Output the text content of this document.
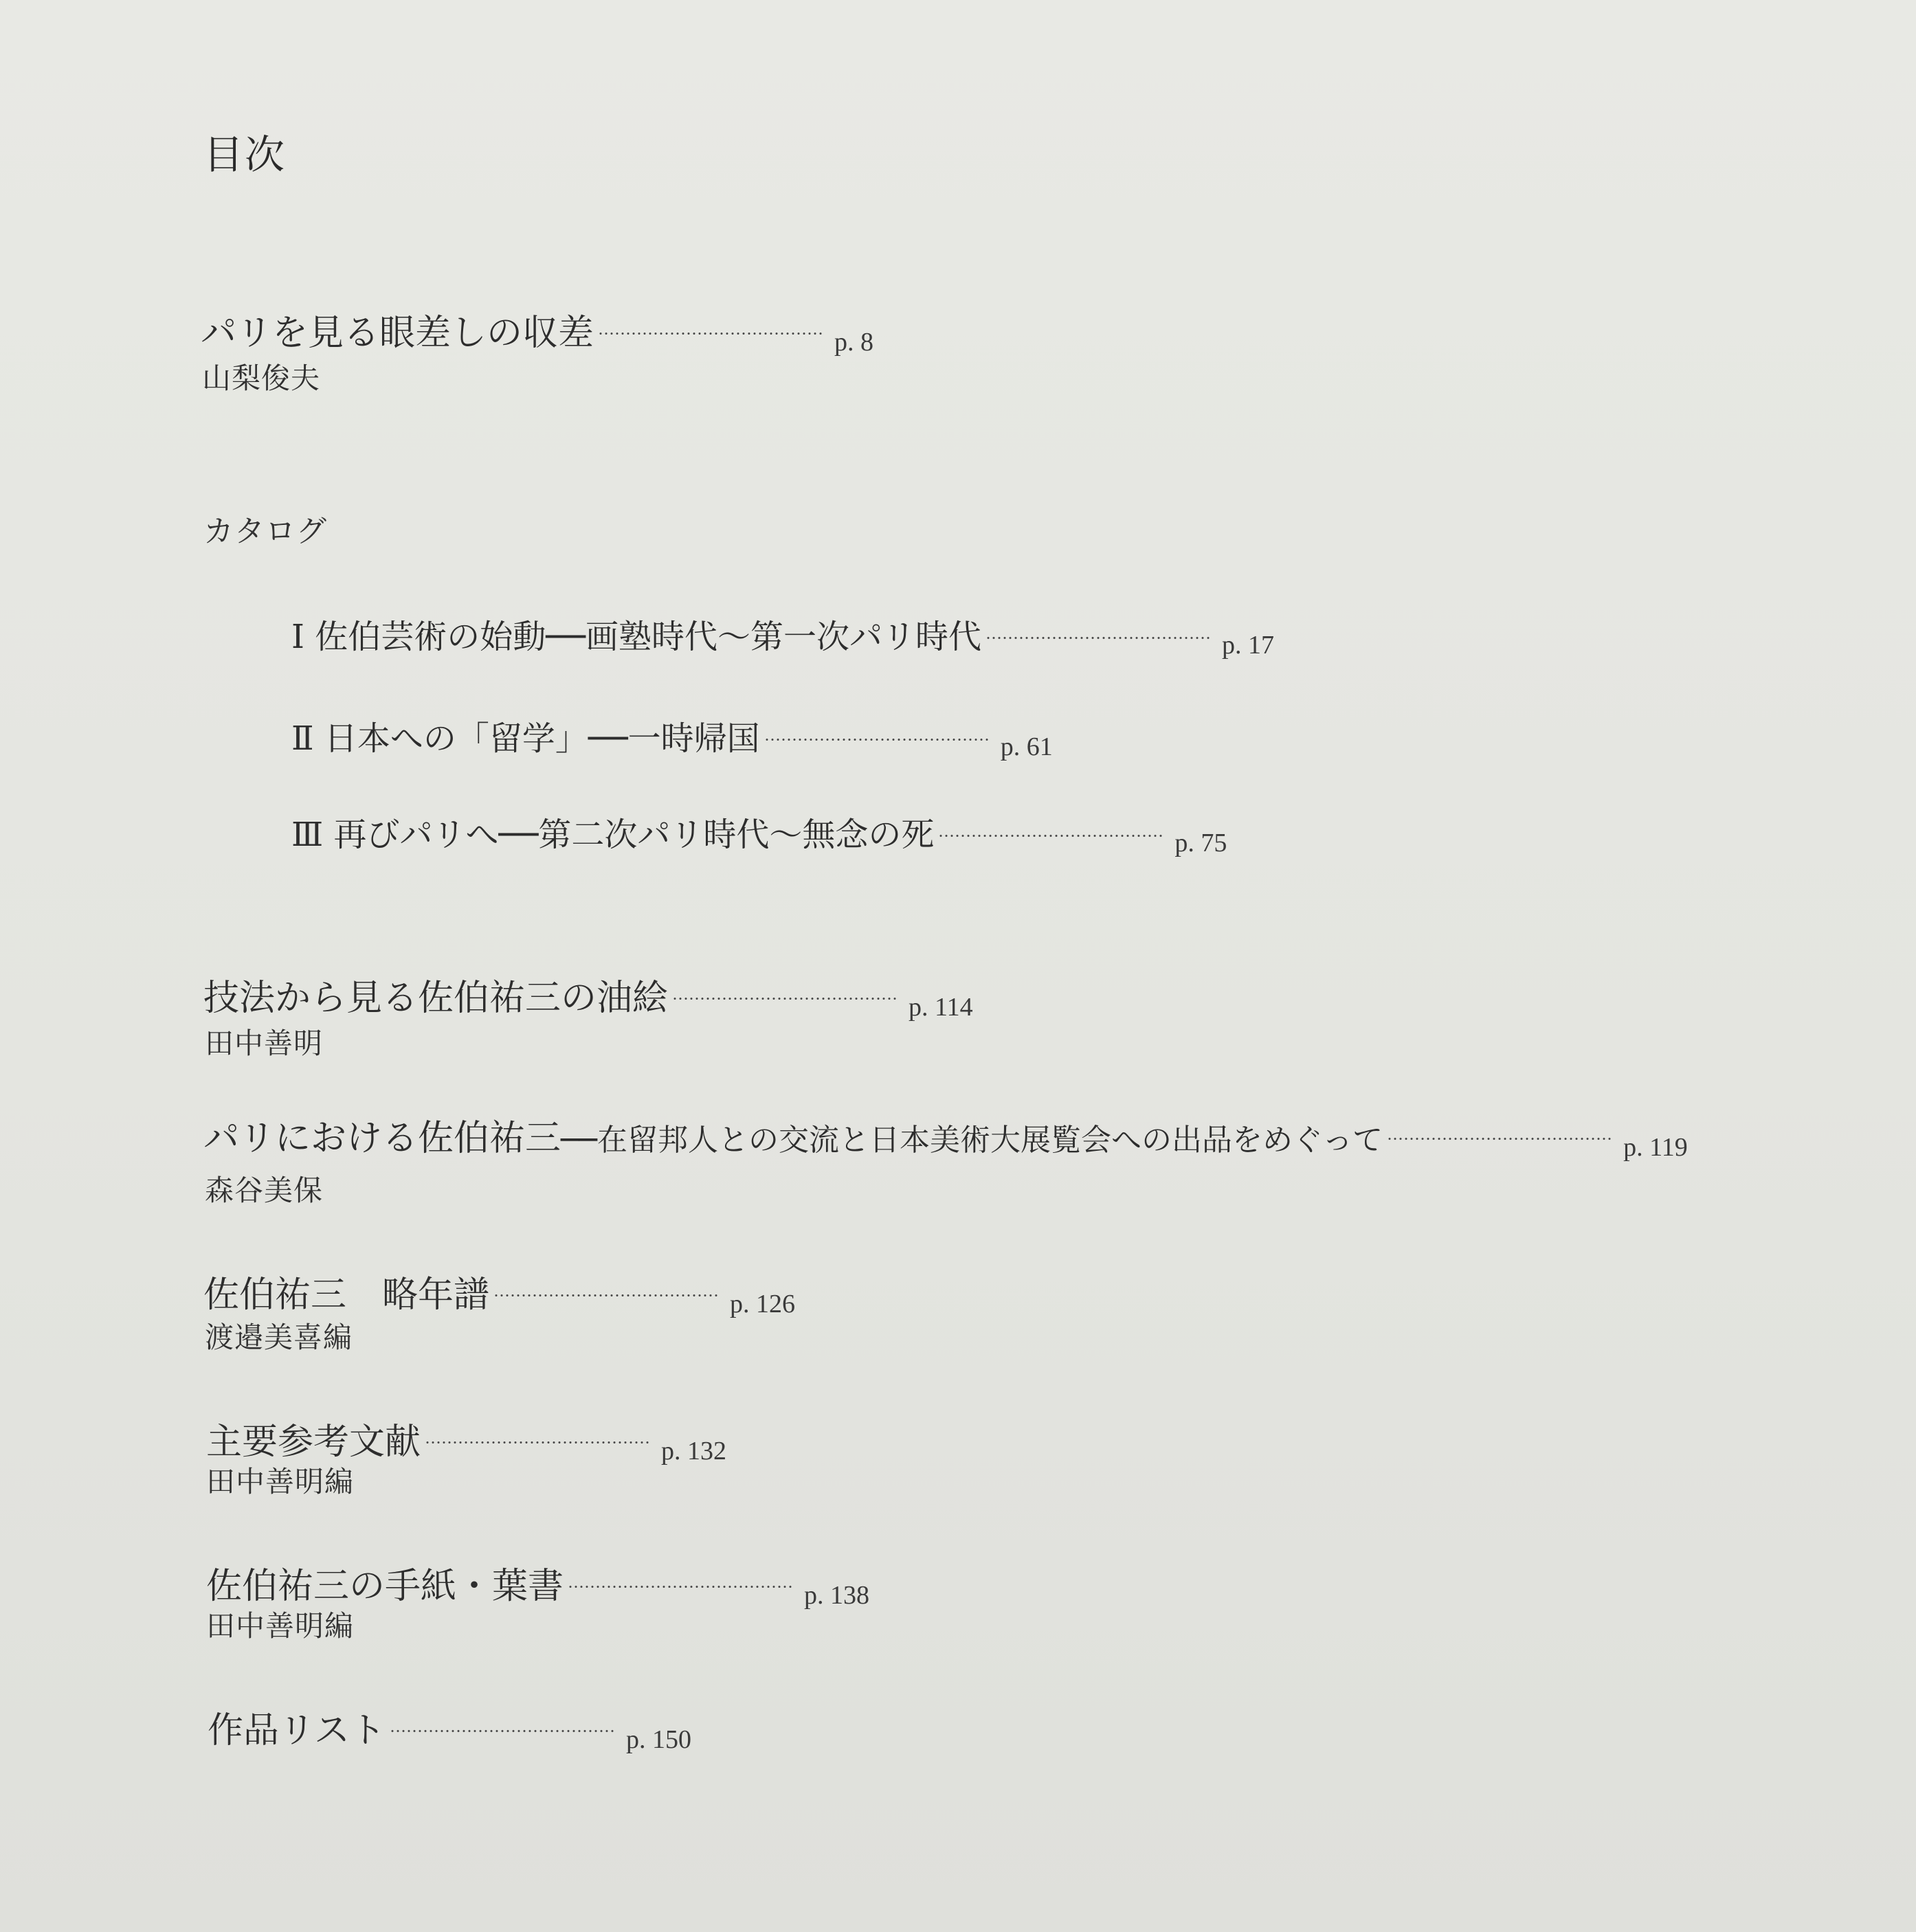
目次
パリを見る眼差しの収差	p. 8
山梨俊夫
カタログ
Ⅰ 佐伯芸術の始動──画塾時代～第一次パリ時代	p. 17
Ⅱ 日本への「留学」──一時帰国	p. 61
Ⅲ 再びパリへ──第二次パリ時代～無念の死	p. 75
技法から見る佐伯祐三の油絵	p. 114
田中善明
パリにおける佐伯祐三 ──在留邦人との交流と日本美術大展覧会への出品をめぐって	p. 119
森谷美保
佐伯祐三　略年譜	p. 126
渡邉美喜編
主要参考文献	p. 132
田中善明編
佐伯祐三の手紙・葉書	p. 138
田中善明編
作品リスト	p. 150
